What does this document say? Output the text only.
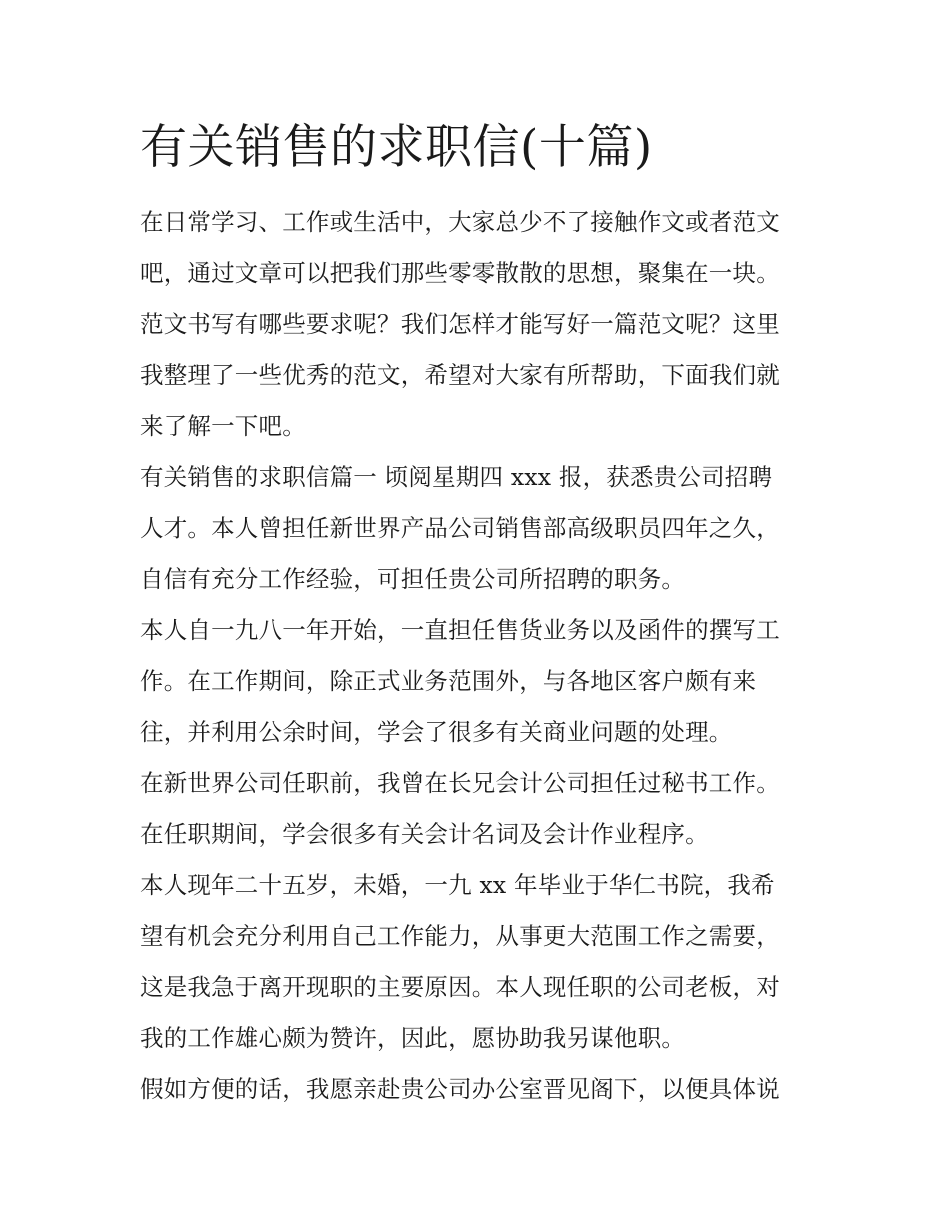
有关销售的求职信(十篇)
在日常学习、工作或生活中，大家总少不了接触作文或者范文
吧，通过文章可以把我们那些零零散散的思想，聚集在一块。
范文书写有哪些要求呢？我们怎样才能写好一篇范文呢？这里
我整理了一些优秀的范文，希望对大家有所帮助，下面我们就
来了解一下吧。
有关销售的求职信篇一 顷阅星期四 xxx 报，获悉贵公司招聘
人才。本人曾担任新世界产品公司销售部高级职员四年之久，
自信有充分工作经验，可担任贵公司所招聘的职务。
本人自一九八一年开始，一直担任售货业务以及函件的撰写工
作。在工作期间，除正式业务范围外，与各地区客户颇有来
往，并利用公余时间，学会了很多有关商业问题的处理。
在新世界公司任职前，我曾在长兄会计公司担任过秘书工作。
在任职期间，学会很多有关会计名词及会计作业程序。
本人现年二十五岁，未婚，一九 xx 年毕业于华仁书院，我希
望有机会充分利用自己工作能力，从事更大范围工作之需要，
这是我急于离开现职的主要原因。本人现任职的公司老板，对
我的工作雄心颇为赞许，因此，愿协助我另谋他职。
假如方便的话，我愿亲赴贵公司办公室晋见阁下，以便具体说
